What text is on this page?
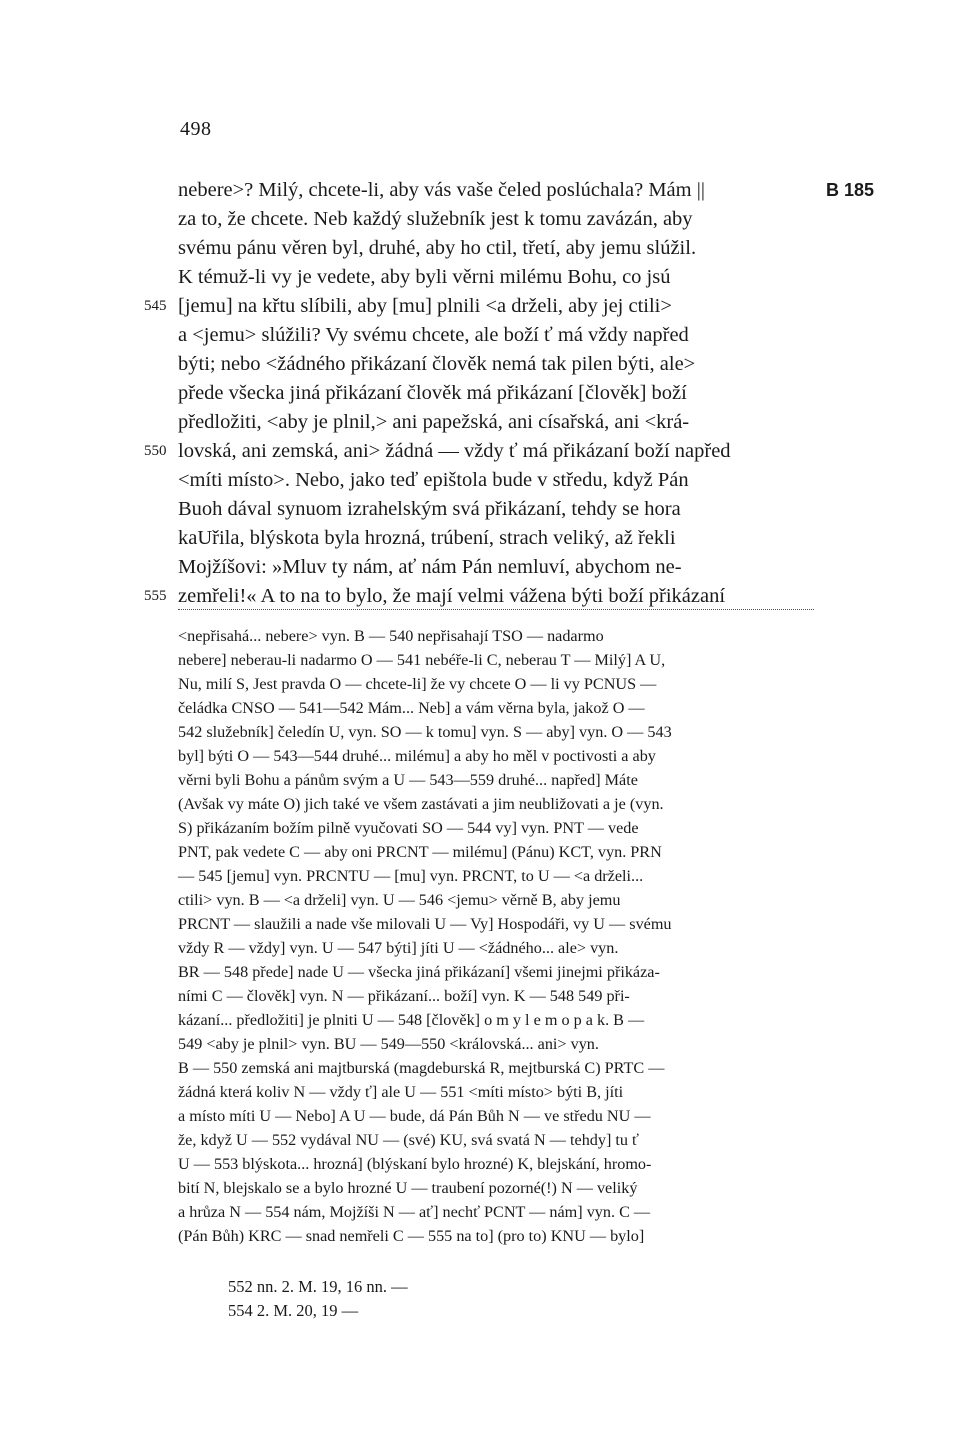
498
B 185
nebere>? Milý, chcete-li, aby vás vaše čeled poslúchala? Mám ||
za to, že chcete. Neb každý služebník jest k tomu zavázán, aby
svému pánu věren byl, druhé, aby ho ctil, třetí, aby jemu slúžil.
K témuž-li vy je vedete, aby byli věrni milému Bohu, co jsú
545 [jemu] na křtu slíbili, aby [mu] plnili <a drželi, aby jej ctili>
a <jemu> slúžili? Vy svému chcete, ale boží ť má vždy napřed
býti; nebo <žádného přikázaní člověk nemá tak pilen býti, ale>
přede všecka jiná přikázaní člověk má přikázaní [člověk] boží
předložiti, <aby je plnil,> ani papežská, ani císařská, ani <krá-
550 lovská, ani zemská, ani> žádná — vždy ť má přikázaní boží napřed
<míti místo>. Nebo, jako teď epištola bude v středu, když Pán
Buoh dával synuom izrahelským svá přikázaní, tehdy se hora
kaUřila, blýskota byla hrozná, trúbení, strach veliký, až řekli
Mojžíšovi: »Mluv ty nám, ať nám Pán nemluví, abychom ne-
555 zemřeli!« A to na to bylo, že mají velmi vážena býti boží přikázaní
<nepřisahá... nebere> vyn. B — 540 nepřisahají TSO — nadarmo
nebere] neberau-li nadarmo O — 541 nebéře-li C, neberau T — Milý] A U,
Nu, milí S, Jest pravda O — chcete-li] že vy chcete O — li vy PCNUS —
čeládka CNSO — 541—542 Mám... Neb] a vám věrna byla, jakož O —
542 služebník] čeledín U, vyn. SO — k tomu] vyn. S — aby] vyn. O — 543
byl] býti O — 543—544 druhé... milému] a aby ho měl v poctivosti a aby
věrni byli Bohu a pánům svým a U — 543—559 druhé... napřed] Máte
(Avšak vy máte O) jich také ve všem zastávati a jim neubližovati a je (vyn.
S) přikázaním božím pilně vyučovati SO — 544 vy] vyn. PNT — vede
PNT, pak vedete C — aby oni PRCNT — milému] (Pánu) KCT, vyn. PRN
— 545 [jemu] vyn. PRCNTU — [mu] vyn. PRCNT, to U — <a drželi...
ctili> vyn. B — <a drželi] vyn. U — 546 <jemu> věrně B, aby jemu
PRCNT — slaužili a nade vše milovali U — Vy] Hospodáři, vy U — svému
vždy R — vždy] vyn. U — 547 býti] jíti U — <žádného... ale> vyn.
BR — 548 přede] nade U — všecka jiná přikázaní] všemi jinejmi přikáza-
ními C — člověk] vyn. N — přikázaní... boží] vyn. K — 548 549 při-
kázaní... předložiti] je plniti U — 548 [člověk] o m y l e m o p a k. B —
549 <aby je plnil> vyn. BU — 549—550 <královská... ani> vyn.
B — 550 zemská ani majtburská (magdeburská R, mejtburská C) PRTC —
žádná která koliv N — vždy ť] ale U — 551 <míti místo> býti B, jíti
a místo míti U — Nebo] A U — bude, dá Pán Bůh N — ve středu NU —
že, když U — 552 vydával NU — (své) KU, svá svatá N — tehdy] tu ť
U — 553 blýskota... hrozná] (blýskaní bylo hrozné) K, blejskání, hromo-
bití N, blejskalo se a bylo hrozné U — traubení pozorné(!) N — veliký
a hrůza N — 554 nám, Mojžíši N — ať] nechť PCNT — nám] vyn. C —
(Pán Bůh) KRC — snad nemřeli C — 555 na to] (pro to) KNU — bylo]
552 nn. 2. M. 19, 16 nn. —
554 2. M. 20, 19 —
